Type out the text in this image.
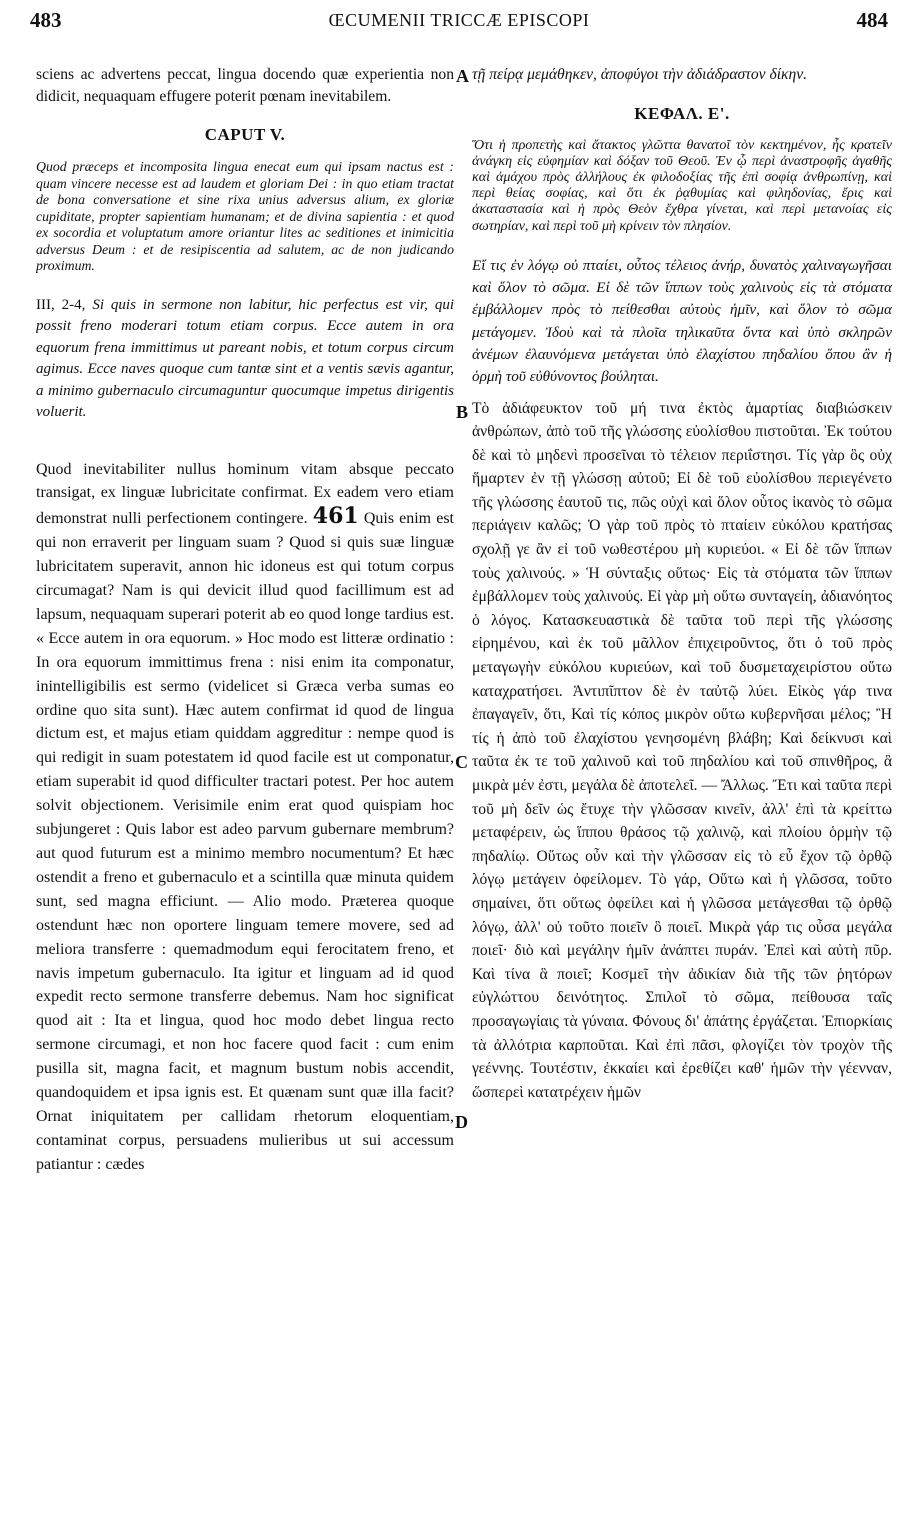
483	ŒCUMENII TRICCÆ EPISCOPI	484

sciens ac advertens peccat, lingua docendo quæ experientia non didicit, nequaquam effugere poterit pœnam inevitabilem.

CAPUT V.

Quod præceps et incomposita lingua enecat eum qui ipsam nactus est : quam vincere necesse est ad laudem et gloriam Dei : in quo etiam tractat de bona conversatione et sine rixa unius adversus alium, ex gloriæ cupiditate, propter sapientiam humanam; et de divina sapientia : et quod ex socordia et voluptatum amore oriantur lites ac seditiones et inimicitia adversus Deum : et de resipiscentia ad salutem, ac de non judicando proximum.

III, 2-4, Si quis in sermone non labitur, hic perfectus est vir, qui possit freno moderari totum etiam corpus. Ecce autem in ora equorum frena immittimus ut pareant nobis, et totum corpus circum agimus. Ecce naves quoque cum tantæ sint et a ventis sævis agantur, a minimo gubernaculo circumaguntur quocumque impetus dirigentis voluerit.

Quod inevitabiliter nullus hominum vitam absque peccato transigat, ex linguæ lubricitate confirmat. Ex eadem vero etiam demonstrat nulli perfectionem contingere. 461 Quis enim est qui non erraverit per linguam suam ? Quod si quis suæ linguæ lubricitatem superavit, annon hic idoneus est qui totum corpus circumagat? Nam is qui devicit illud quod facillimum est ad lapsum, nequaquam superari poterit ab eo quod longe tardius est. « Ecce autem in ora equorum. » Hoc modo est litteræ ordinatio : In ora equorum immittimus frena : nisi enim ita componatur, inintelligibilis est sermo (videlicet si Græca verba sumas eo ordine quo sita sunt). Hæc autem confirmat id quod de lingua dictum est, et majus etiam quiddam aggreditur : nempe quod is qui redigit in suam potestatem id quod facile est ut componatur, etiam superabit id quod difficulter tractari potest. Per hoc autem solvit objectionem. Verisimile enim erat quod quispiam hoc subjungeret : Quis labor est adeo parvum gubernare membrum? aut quod futurum est a minimo membro nocumentum? Et hæc ostendit a freno et gubernaculo et a scintilla quæ minuta quidem sunt, sed magna efficiunt. — Alio modo. Præterea quoque ostendunt hæc non oportere linguam temere movere, sed ad meliora transferre : quemadmodum equi ferocitatem freno, et navis impetum gubernaculo. Ita igitur et linguam ad id quod expedit recto sermone transferre debemus. Nam hoc significat quod ait : Ita et lingua, quod hoc modo debet lingua recto sermone circumagi, et non hoc facere quod facit : cum enim pusilla sit, magna facit, et magnum bustum nobis accendit, quandoquidem et ipsa ignis est. Et quænam sunt quæ illa facit? Ornat iniquitatem per callidam rhetorum eloquentiam, contaminat corpus, persuadens mulieribus ut sui accessum patiantur : cædes

τῇ πείρᾳ μεμάθηκεν, ἀποφύγοι τὴν ἀδιάδραστον δίκην.

ΚΕΦΑΛ. Ε'.

Ὅτι ἡ προπετὴς καὶ ἄτακτος γλῶττα θανατοῖ τὸν κεκτημένον, ἧς κρατεῖν ἀνάγκη εἰς εὐφημίαν καὶ δόξαν τοῦ Θεοῦ. Ἐν ᾧ περὶ ἀναστροφῆς ἀγαθῆς καὶ ἀμάχου πρὸς ἀλλήλους ἐκ φιλοδοξίας τῆς ἐπὶ σοφίᾳ ἀνθρωπίνῃ, καὶ περὶ θείας σοφίας, καὶ ὅτι ἐκ ῥᾳθυμίας καὶ φιληδονίας, ἔρις καὶ ἀκαταστασία καὶ ἡ πρὸς Θεὸν ἔχθρα γίνεται, καὶ περὶ μετανοίας εἰς σωτηρίαν, καὶ περὶ τοῦ μὴ κρίνειν τὸν πλησίον.

Εἴ τις ἐν λόγῳ οὐ πταίει, οὗτος τέλειος ἀνήρ, δυνατὸς χαλιναγωγῆσαι καὶ ὅλον τὸ σῶμα. Εἰ δὲ τῶν ἵππων τοὺς χαλινοὺς εἰς τὰ στόματα ἐμβάλλομεν πρὸς τὸ πείθεσθαι αὐτοὺς ἡμῖν, καὶ ὅλον τὸ σῶμα μετάγομεν. Ἰδοὺ καὶ τὰ πλοῖα τηλικαῦτα ὄντα καὶ ὑπὸ σκληρῶν ἀνέμων ἐλαυνόμενα μετάγεται ὑπὸ ἐλαχίστου πηδαλίου ὅπου ἂν ἡ ὁρμὴ τοῦ εὐθύνοντος βούληται.

Τὸ ἀδιάφευκτον τοῦ μή τινα ἐκτὸς ἁμαρτίας διαβιώσκειν ἀνθρώπων, ἀπὸ τοῦ τῆς γλώσσης εὐολίσθου πιστοῦται. Ἐκ τούτου δὲ καὶ τὸ μηδενὶ προσεῖναι τὸ τέλειον περιΐστησι. Τίς γὰρ ὃς οὐχ ἥμαρτεν ἐν τῇ γλώσσῃ αὐτοῦ; Εἰ δὲ τοῦ εὐολίσθου περιεγένετο τῆς γλώσσης ἑαυτοῦ τις, πῶς οὐχὶ καὶ ὅλον οὗτος ἱκανὸς τὸ σῶμα περιάγειν καλῶς; Ὁ γὰρ τοῦ πρὸς τὸ πταίειν εὐκόλου κρατήσας σχολῇ γε ἂν εἰ τοῦ νωθεστέρου μὴ κυριεύοι. « Εἰ δὲ τῶν ἵππων τοὺς χαλινούς. » Ἡ σύνταξις οὕτως· Εἰς τὰ στόματα τῶν ἵππων ἐμβάλλομεν τοὺς χαλινούς. Εἰ γὰρ μὴ οὕτω συνταγείη, ἀδιανόητος ὁ λόγος. Κατασκευαστικὰ δὲ ταῦτα τοῦ περὶ τῆς γλώσσης εἰρημένου, καὶ ἐκ τοῦ μᾶλλον ἐπιχειροῦντος, ὅτι ὁ τοῦ πρὸς μεταγωγὴν εὐκόλου κυριεύων, καὶ τοῦ δυσμεταχειρίστου οὕτω καταχρατήσει. Ἀντιπῖπτον δὲ ἐν ταὐτῷ λύει. Εἰκὸς γάρ τινα ἐπαγαγεῖν, ὅτι, Καὶ τίς κόπος μικρὸν οὕτω κυβερνῆσαι μέλος; Ἢ τίς ἡ ἀπὸ τοῦ ἐλαχίστου γενησομένη βλάβη; Καὶ δείκνυσι καὶ ταῦτα ἐκ τε τοῦ χαλινοῦ καὶ τοῦ πηδαλίου καὶ τοῦ σπινθῆρος, ἃ μικρὰ μέν ἐστι, μεγάλα δὲ ἀποτελεῖ. — Ἄλλως. Ἔτι καὶ ταῦτα περὶ τοῦ μὴ δεῖν ὡς ἔτυχε τὴν γλῶσσαν κινεῖν, ἀλλ' ἐπὶ τὰ κρείττω μεταφέρειν, ὡς ἵππου θράσος τῷ χαλινῷ, καὶ πλοίου ὁρμὴν τῷ πηδαλίῳ. Οὕτως οὖν καὶ τὴν γλῶσσαν εἰς τὸ εὖ ἔχον τῷ ὀρθῷ λόγῳ μετάγειν ὀφείλομεν. Τὸ γάρ, Οὕτω καὶ ἡ γλῶσσα, τοῦτο σημαίνει, ὅτι οὕτως ὀφείλει καὶ ἡ γλῶσσα μετάγεσθαι τῷ ὀρθῷ λόγῳ, ἀλλ' οὐ τοῦτο ποιεῖν ὃ ποιεῖ. Μικρὰ γάρ τις οὖσα μεγάλα ποιεῖ· διὸ καὶ μεγάλην ἡμῖν ἀνάπτει πυράν. Ἐπεὶ καὶ αὐτὴ πῦρ. Καὶ τίνα ἃ ποιεῖ; Κοσμεῖ τὴν ἀδικίαν διὰ τῆς τῶν ῥητόρων εὐγλώττου δεινότητος. Σπιλοῖ τὸ σῶμα, πείθουσα ταῖς προσαγωγίαις τὰ γύναια. Φόνους δι' ἀπάτης ἐργάζεται. Ἐπιορκίαις τὰ ἀλλότρια καρποῦται. Καὶ ἐπὶ πᾶσι, φλογίζει τὸν τροχὸν τῆς γεέννης. Τουτέστιν, ἐκκαίει καὶ ἐρεθίζει καθ' ἡμῶν τὴν γέενναν, ὥσπερεὶ κατατρέχειν ἡμῶν

A
B
C
D
